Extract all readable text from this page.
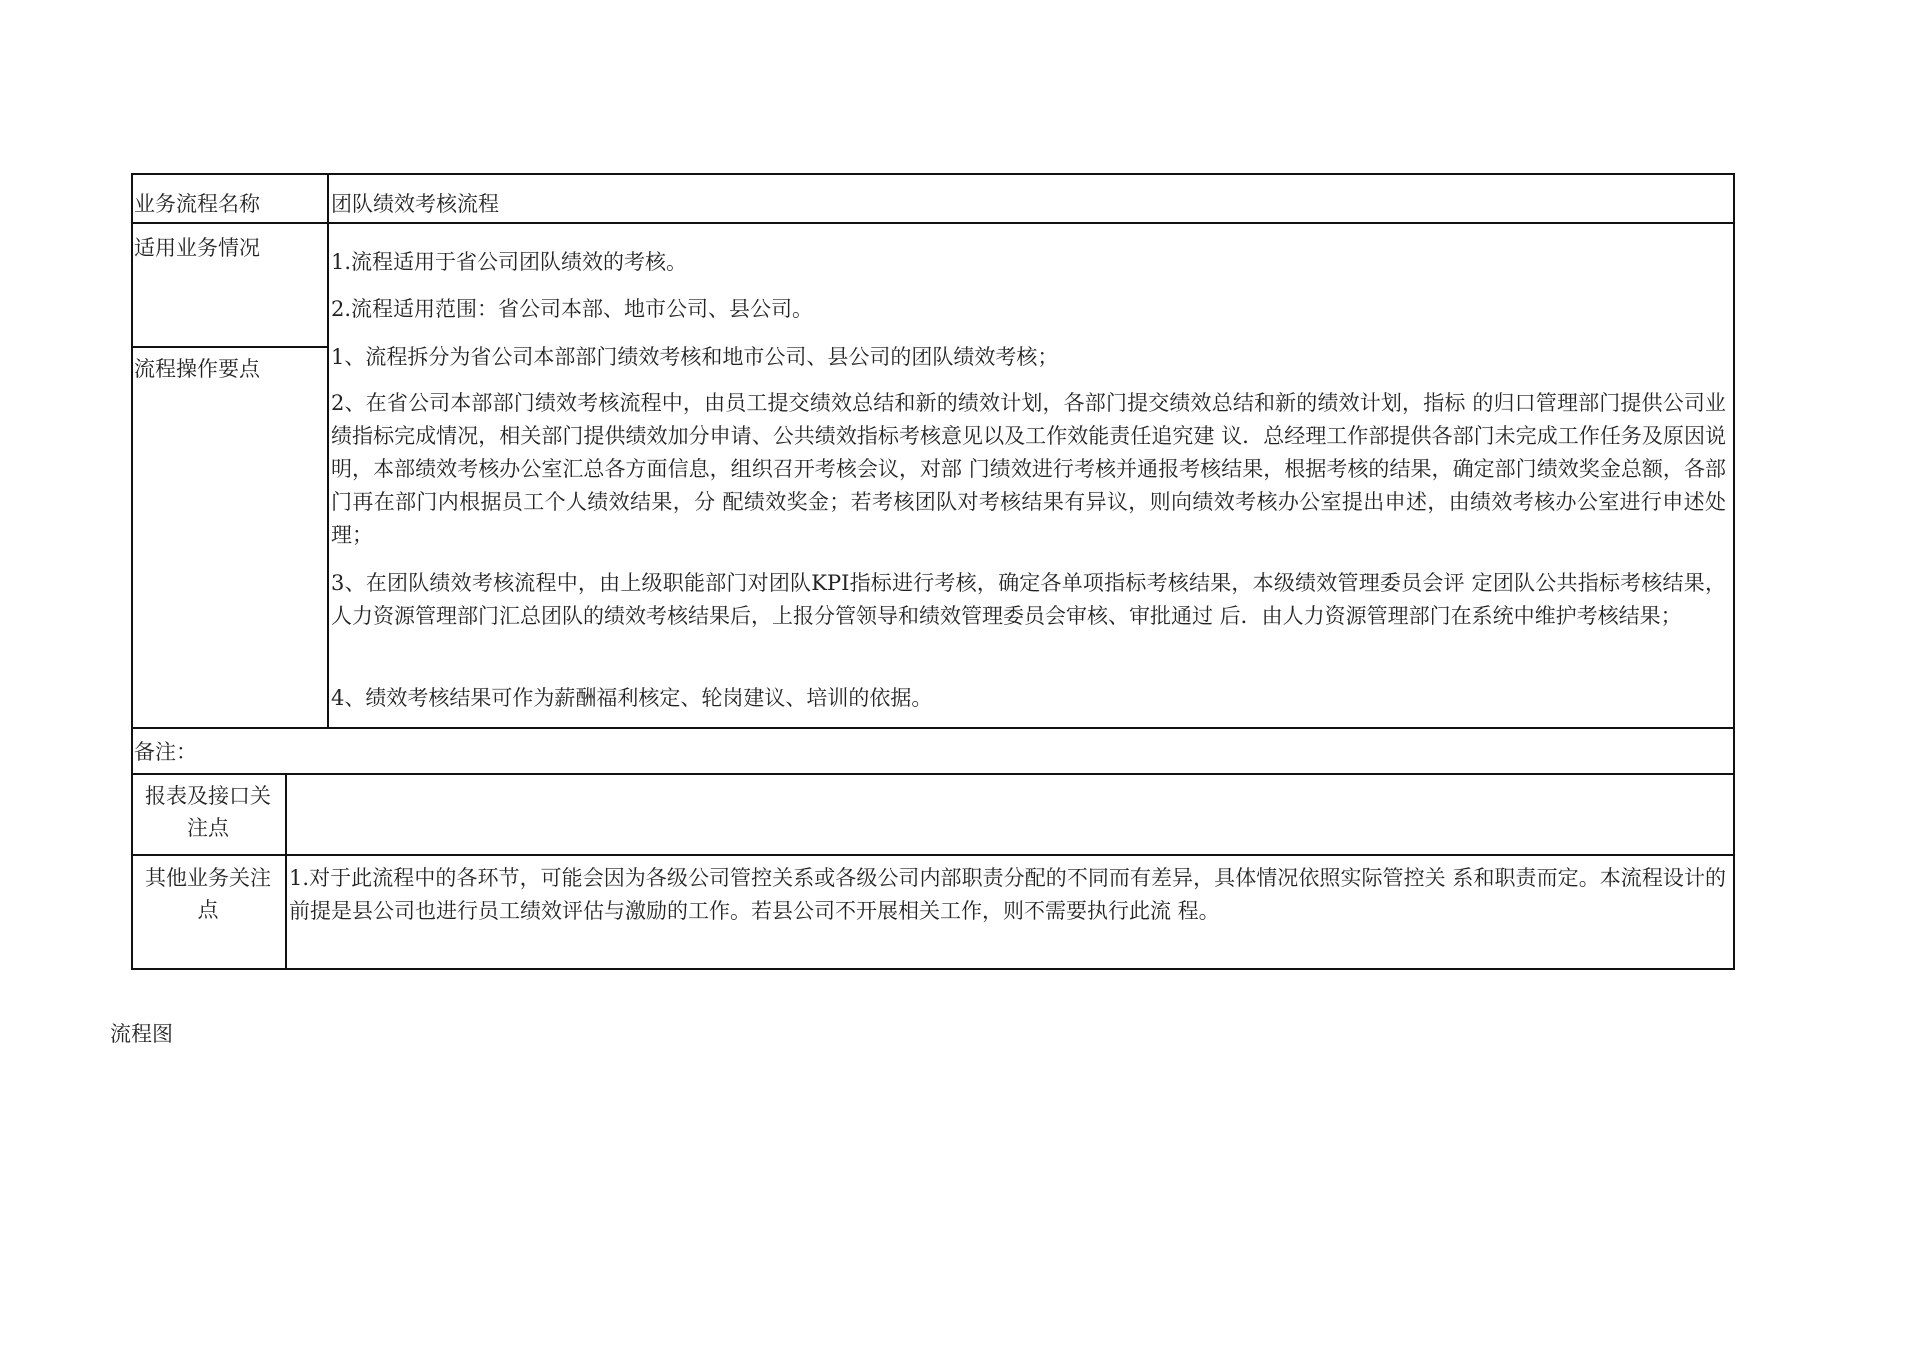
业务流程名称	团队绩效考核流程
适用业务情况
1.流程适用于省公司团队绩效的考核。
2.流程适用范围：省公司本部、地市公司、县公司。
流程操作要点	1、流程拆分为省公司本部部门绩效考核和地市公司、县公司的团队绩效考核；
2、在省公司本部部门绩效考核流程中，由员工提交绩效总结和新的绩效计划，各部门提交绩效总结和新的绩效计划，指标 的归口管理部门提供公司业绩指标完成情况，相关部门提供绩效加分申请、公共绩效指标考核意见以及工作效能责任追究建 议．总经理工作部提供各部门未完成工作任务及原因说明，本部绩效考核办公室汇总各方面信息，组织召开考核会议，对部 门绩效进行考核并通报考核结果，根据考核的结果，确定部门绩效奖金总额，各部门再在部门内根据员工个人绩效结果，分 配绩效奖金；若考核团队对考核结果有异议，则向绩效考核办公室提出申述，由绩效考核办公室进行申述处理；
3、在团队绩效考核流程中，由上级职能部门对团队KPI指标进行考核，确定各单项指标考核结果，本级绩效管理委员会评 定团队公共指标考核结果，人力资源管理部门汇总团队的绩效考核结果后，上报分管领导和绩效管理委员会审核、审批通过 后．由人力资源管理部门在系统中维护考核结果；
4、绩效考核结果可作为薪酬福利核定、轮岗建议、培训的依据。
备注：
报表及接口关注点
其他业务关注点
1.对于此流程中的各环节，可能会因为各级公司管控关系或各级公司内部职责分配的不同而有差异，具体情况依照实际管控关 系和职责而定。本流程设计的前提是县公司也进行员工绩效评估与激励的工作。若县公司不开展相关工作，则不需要执行此流 程。
流程图
